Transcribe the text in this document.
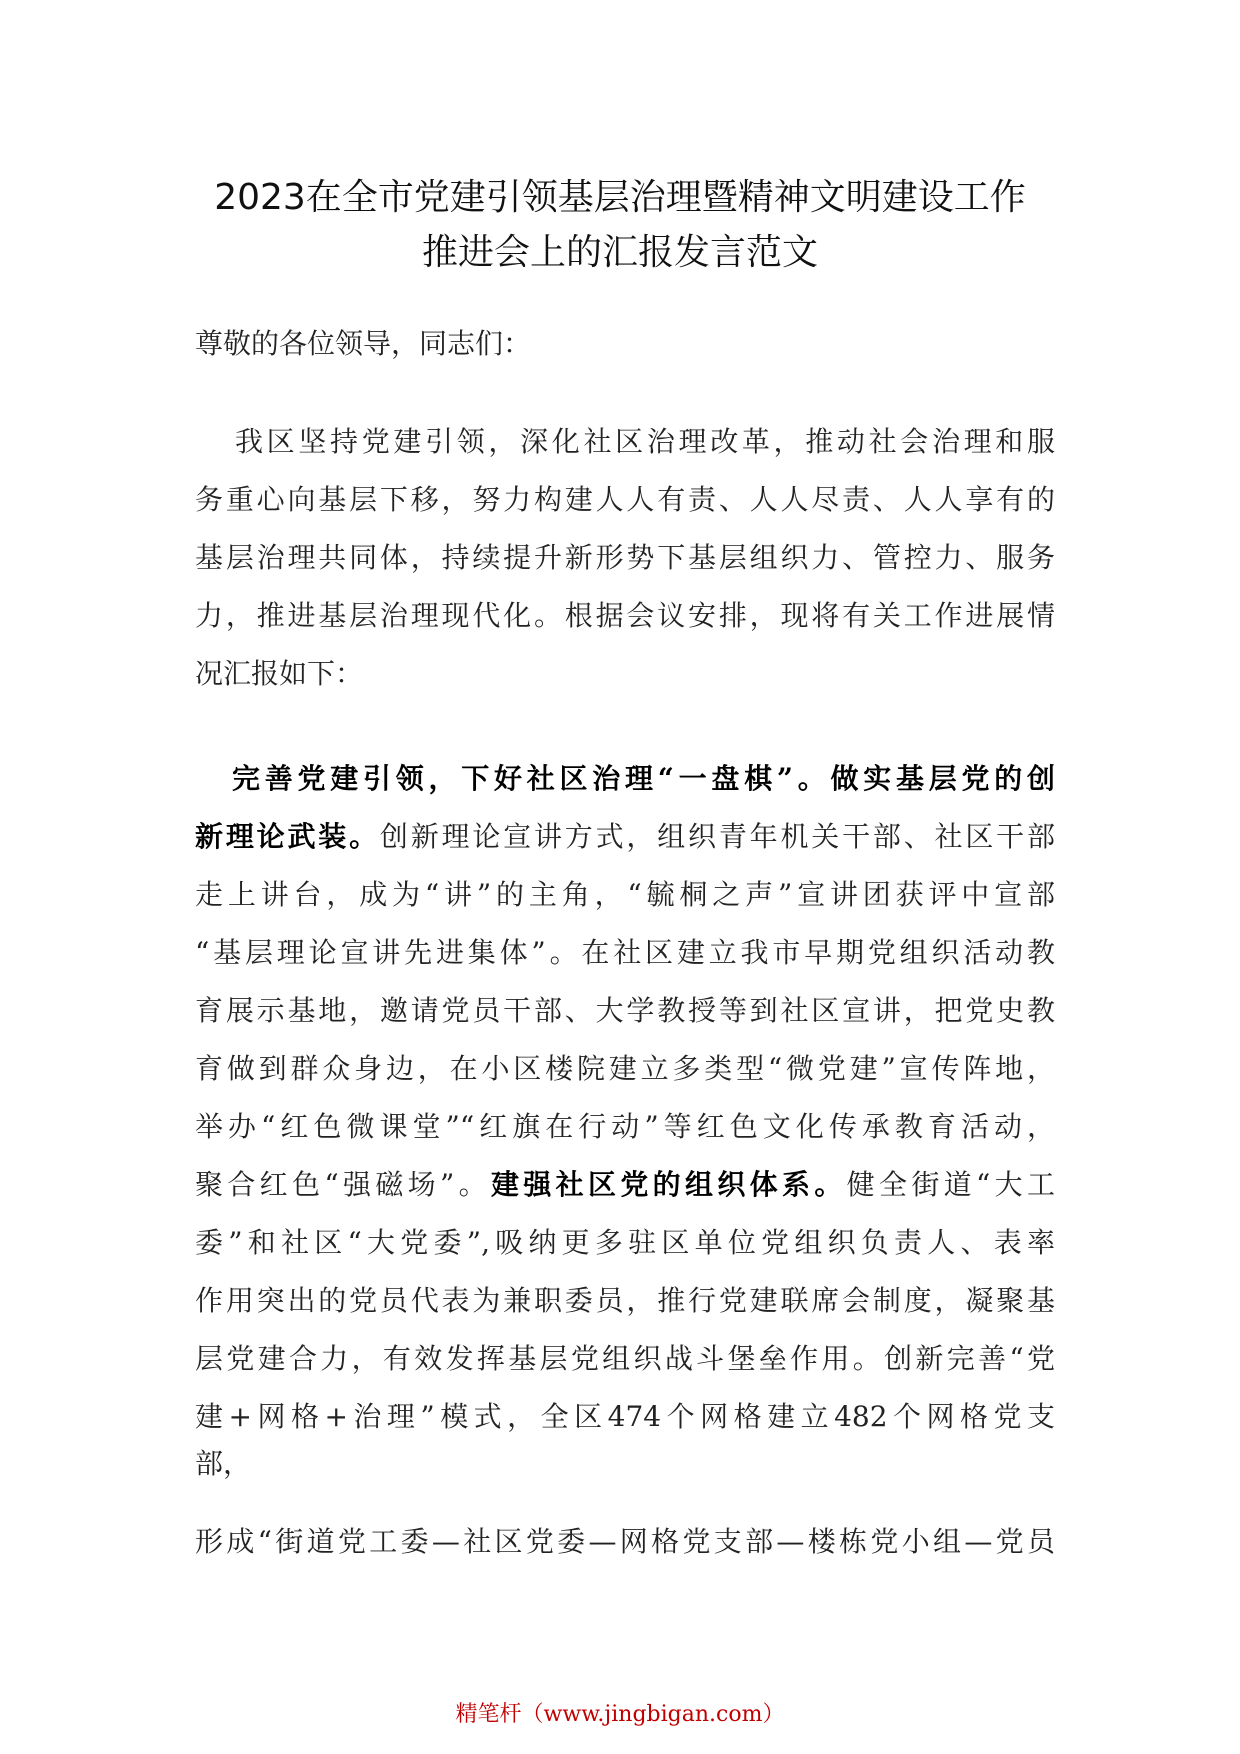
2023在全市党建引领基层治理暨精神文明建设工作
推进会上的汇报发言范文
尊敬的各位领导，同志们：
我区坚持党建引领，深化社区治理改革，推动社会治理和服
务重心向基层下移，努力构建人人有责、人人尽责、人人享有的
基层治理共同体，持续提升新形势下基层组织力、管控力、服务
力，推进基层治理现代化。根据会议安排，现将有关工作进展情
况汇报如下：
完善党建引领，下好社区治理“一盘棋”。做实基层党的创
新理论武装。创新理论宣讲方式，组织青年机关干部、社区干部
走上讲台，成为“讲”的主角，“毓桐之声”宣讲团获评中宣部
“基层理论宣讲先进集体”。在社区建立我市早期党组织活动教
育展示基地，邀请党员干部、大学教授等到社区宣讲，把党史教
育做到群众身边，在小区楼院建立多类型“微党建”宣传阵地，
举办“红色微课堂”“红旗在行动”等红色文化传承教育活动，
聚合红色“强磁场”。建强社区党的组织体系。健全街道“大工
委”和社区“大党委”,吸纳更多驻区单位党组织负责人、表率
作用突出的党员代表为兼职委员，推行党建联席会制度，凝聚基
层党建合力，有效发挥基层党组织战斗堡垒作用。创新完善“党
建+网格+治理”模式，全区474个网格建立482个网格党支
部，
形成“街道党工委—社区党委—网格党支部—楼栋党小组—党员
精笔杆（www.jingbigan.com）
